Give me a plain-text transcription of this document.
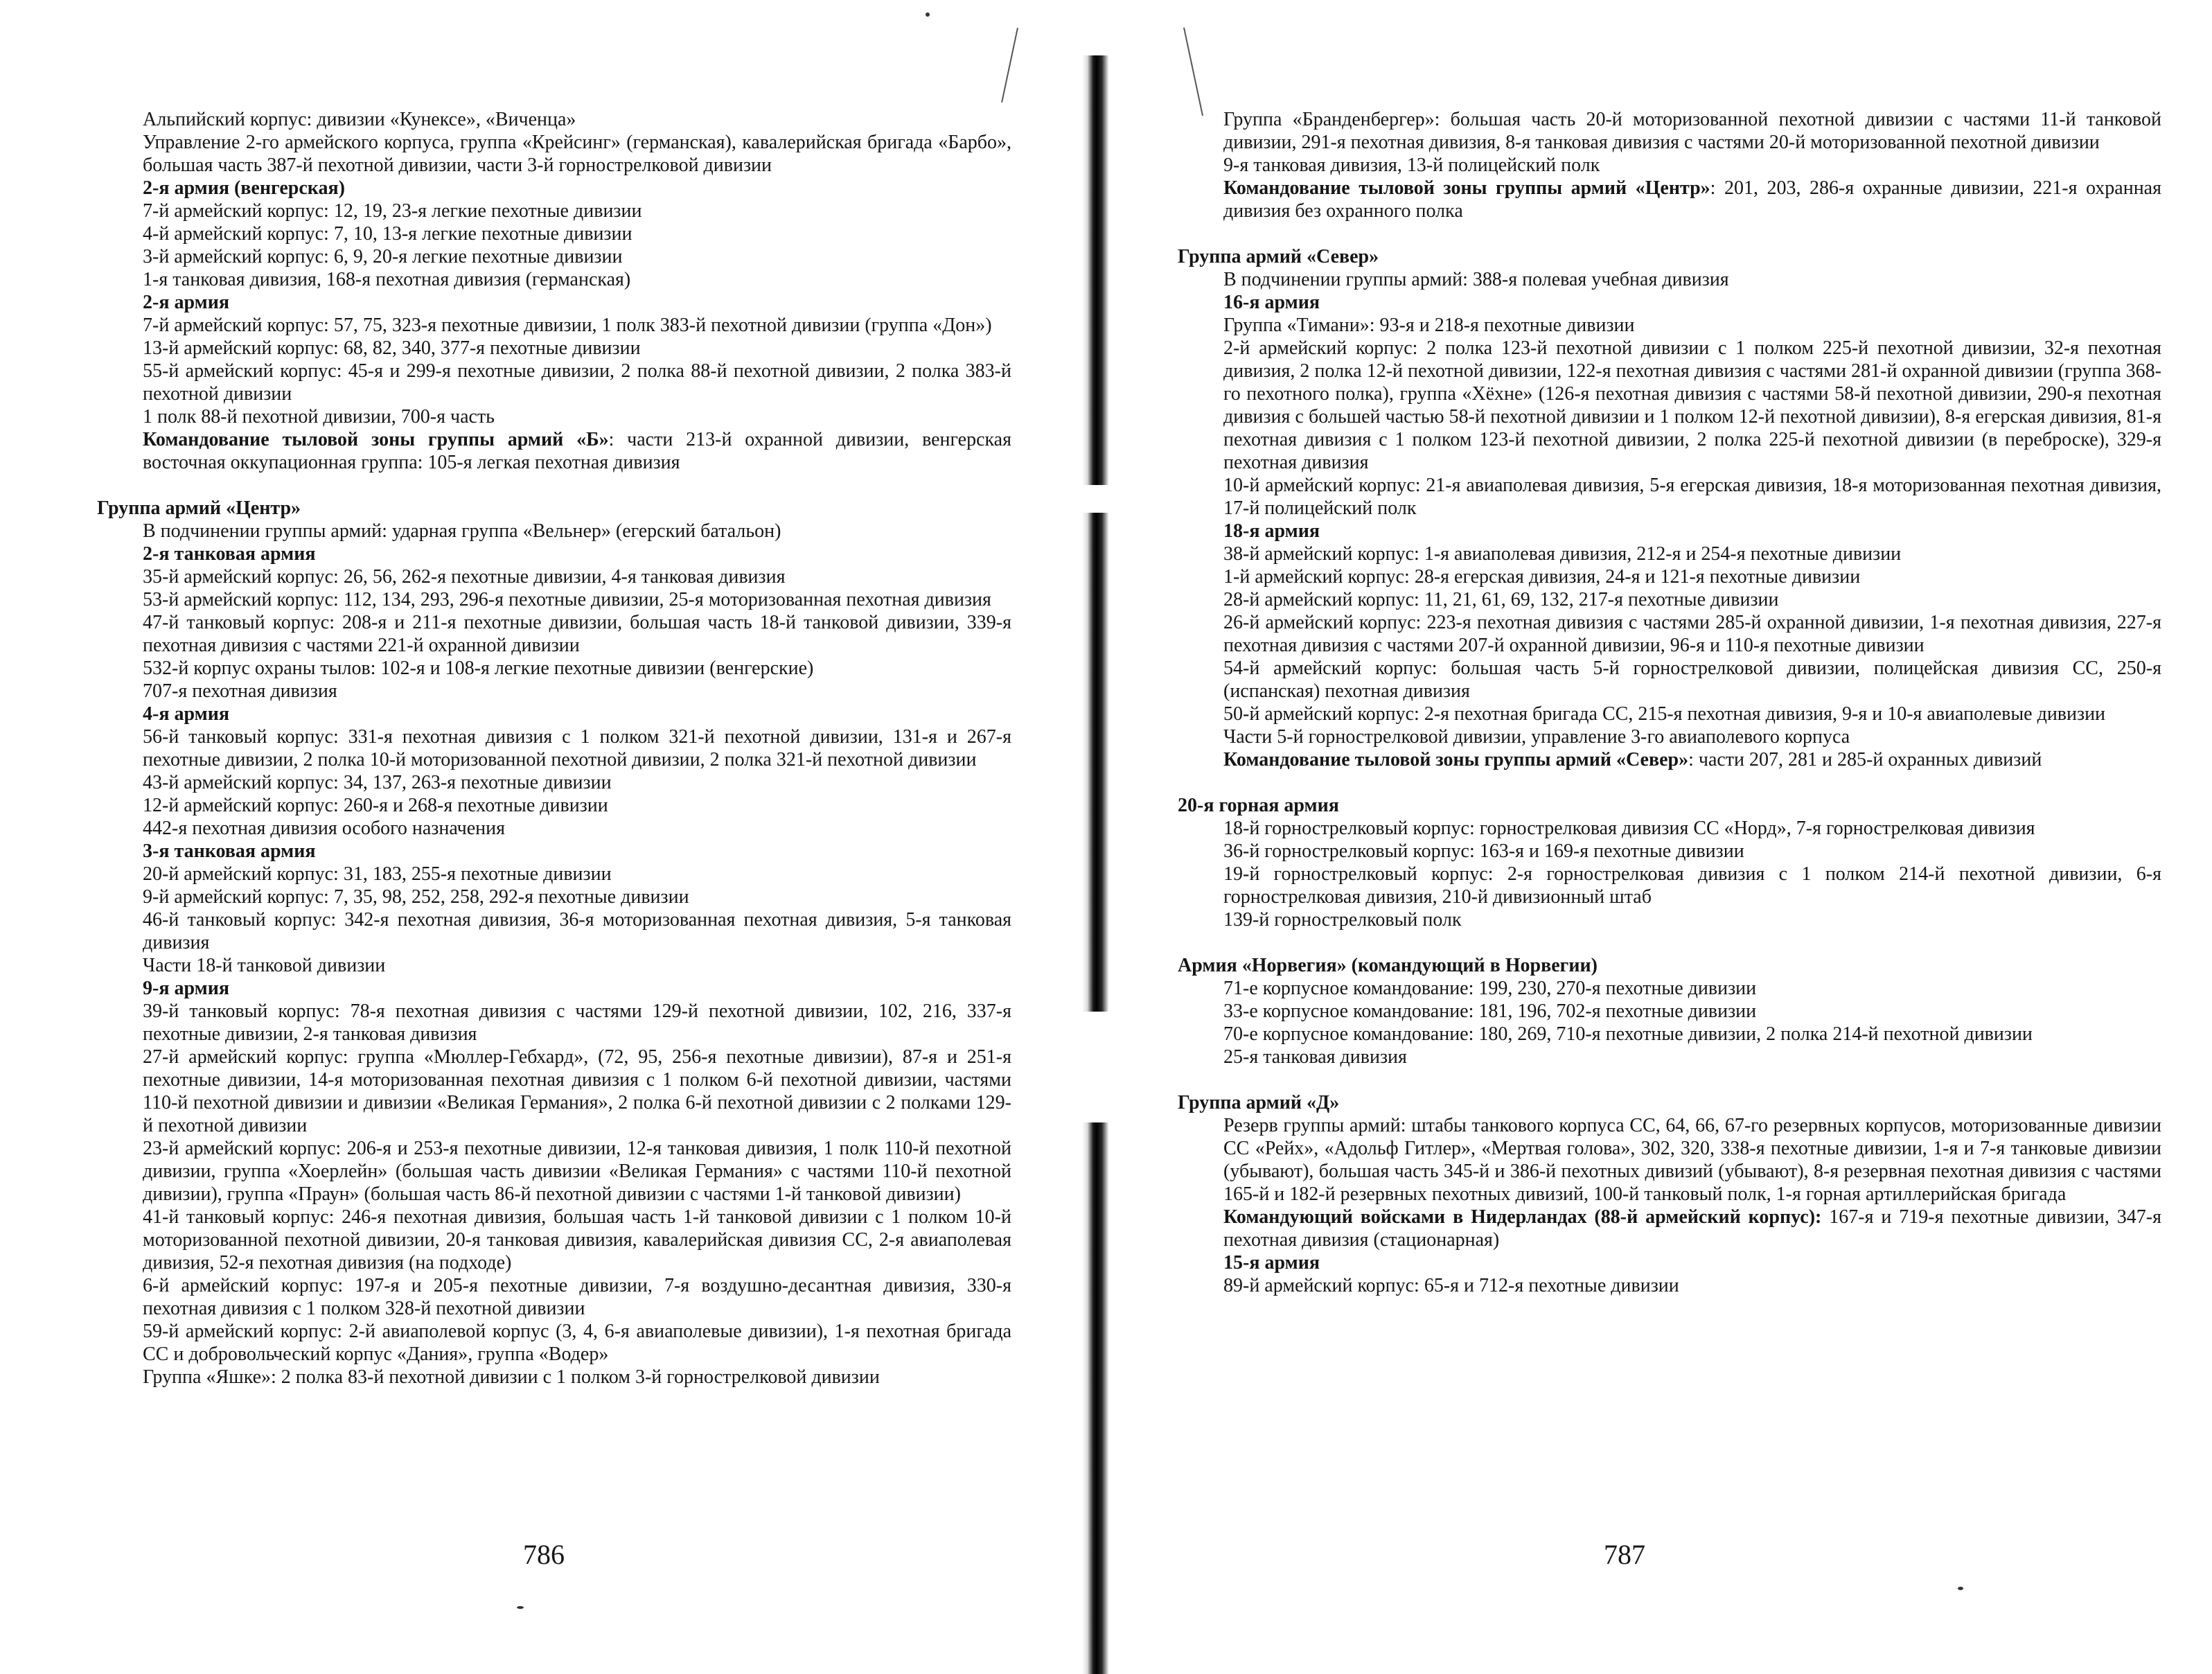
Альпийский корпус: дивизии «Кунексе», «Виченца»

Управление 2-го армейского корпуса, группа «Крейсинг» (германская), кавалерийская бригада «Барбо», большая часть 387-й пехотной дивизии, части 3-й горнострелковой дивизии

2-я армия (венгерская)

7-й армейский корпус: 12, 19, 23-я легкие пехотные дивизии

4-й армейский корпус: 7, 10, 13-я легкие пехотные дивизии

3-й армейский корпус: 6, 9, 20-я легкие пехотные дивизии

1-я танковая дивизия, 168-я пехотная дивизия (германская)

2-я армия

7-й армейский корпус: 57, 75, 323-я пехотные дивизии, 1 полк 383-й пехотной дивизии (группа «Дон»)

13-й армейский корпус: 68, 82, 340, 377-я пехотные дивизии

55-й армейский корпус: 45-я и 299-я пехотные дивизии, 2 полка 88-й пехотной дивизии, 2 полка 383-й пехотной дивизии

1 полк 88-й пехотной дивизии, 700-я часть

Командование тыловой зоны группы армий «Б»: части 213-й охранной дивизии, венгерская восточная оккупационная группа: 105-я легкая пехотная дивизия

Группа армий «Центр»

В подчинении группы армий: ударная группа «Вельнер» (егерский батальон)

2-я танковая армия

35-й армейский корпус: 26, 56, 262-я пехотные дивизии, 4-я танковая дивизия

53-й армейский корпус: 112, 134, 293, 296-я пехотные дивизии, 25-я моторизованная пехотная дивизия

47-й танковый корпус: 208-я и 211-я пехотные дивизии, большая часть 18-й танковой дивизии, 339-я пехотная дивизия с частями 221-й охранной дивизии

532-й корпус охраны тылов: 102-я и 108-я легкие пехотные дивизии (венгерские)

707-я пехотная дивизия

4-я армия

56-й танковый корпус: 331-я пехотная дивизия с 1 полком 321-й пехотной дивизии, 131-я и 267-я пехотные дивизии, 2 полка 10-й моторизованной пехотной дивизии, 2 полка 321-й пехотной дивизии

43-й армейский корпус: 34, 137, 263-я пехотные дивизии

12-й армейский корпус: 260-я и 268-я пехотные дивизии

442-я пехотная дивизия особого назначения

3-я танковая армия

20-й армейский корпус: 31, 183, 255-я пехотные дивизии

9-й армейский корпус: 7, 35, 98, 252, 258, 292-я пехотные дивизии

46-й танковый корпус: 342-я пехотная дивизия, 36-я моторизованная пехотная дивизия, 5-я танковая дивизия

Части 18-й танковой дивизии

9-я армия

39-й танковый корпус: 78-я пехотная дивизия с частями 129-й пехотной дивизии, 102, 216, 337-я пехотные дивизии, 2-я танковая дивизия

27-й армейский корпус: группа «Мюллер-Гебхард», (72, 95, 256-я пехотные дивизии), 87-я и 251-я пехотные дивизии, 14-я моторизованная пехотная дивизия с 1 полком 6-й пехотной дивизии, частями 110-й пехотной дивизии и дивизии «Великая Германия», 2 полка 6-й пехотной дивизии с 2 полками 129-й пехотной дивизии

23-й армейский корпус: 206-я и 253-я пехотные дивизии, 12-я танковая дивизия, 1 полк 110-й пехотной дивизии, группа «Хоерлейн» (большая часть дивизии «Великая Германия» с частями 110-й пехотной дивизии), группа «Праун» (большая часть 86-й пехотной дивизии с частями 1-й танковой дивизии)

41-й танковый корпус: 246-я пехотная дивизия, большая часть 1-й танковой дивизии с 1 полком 10-й моторизованной пехотной дивизии, 20-я танковая дивизия, кавалерийская дивизия СС, 2-я авиаполевая дивизия, 52-я пехотная дивизия (на подходе)

6-й армейский корпус: 197-я и 205-я пехотные дивизии, 7-я воздушно-десантная дивизия, 330-я пехотная дивизия с 1 полком 328-й пехотной дивизии

59-й армейский корпус: 2-й авиаполевой корпус (3, 4, 6-я авиаполевые дивизии), 1-я пехотная бригада СС и добровольческий корпус «Дания», группа «Водер»

Группа «Яшке»: 2 полка 83-й пехотной дивизии с 1 полком 3-й горнострелковой дивизии

786

Группа «Бранденбергер»: большая часть 20-й моторизованной пехотной дивизии с частями 11-й танковой дивизии, 291-я пехотная дивизия, 8-я танковая дивизия с частями 20-й моторизованной пехотной дивизии

9-я танковая дивизия, 13-й полицейский полк

Командование тыловой зоны группы армий «Центр»: 201, 203, 286-я охранные дивизии, 221-я охранная дивизия без охранного полка

Группа армий «Север»

В подчинении группы армий: 388-я полевая учебная дивизия

16-я армия

Группа «Тимани»: 93-я и 218-я пехотные дивизии

2-й армейский корпус: 2 полка 123-й пехотной дивизии с 1 полком 225-й пехотной дивизии, 32-я пехотная дивизия, 2 полка 12-й пехотной дивизии, 122-я пехотная дивизия с частями 281-й охранной дивизии (группа 368-го пехотного полка), группа «Хёхне» (126-я пехотная дивизия с частями 58-й пехотной дивизии, 290-я пехотная дивизия с большей частью 58-й пехотной дивизии и 1 полком 12-й пехотной дивизии), 8-я егерская дивизия, 81-я пехотная дивизия с 1 полком 123-й пехотной дивизии, 2 полка 225-й пехотной дивизии (в переброске), 329-я пехотная дивизия

10-й армейский корпус: 21-я авиаполевая дивизия, 5-я егерская дивизия, 18-я моторизованная пехотная дивизия, 17-й полицейский полк

18-я армия

38-й армейский корпус: 1-я авиаполевая дивизия, 212-я и 254-я пехотные дивизии

1-й армейский корпус: 28-я егерская дивизия, 24-я и 121-я пехотные дивизии

28-й армейский корпус: 11, 21, 61, 69, 132, 217-я пехотные дивизии

26-й армейский корпус: 223-я пехотная дивизия с частями 285-й охранной дивизии, 1-я пехотная дивизия, 227-я пехотная дивизия с частями 207-й охранной дивизии, 96-я и 110-я пехотные дивизии

54-й армейский корпус: большая часть 5-й горнострелковой дивизии, полицейская дивизия СС, 250-я (испанская) пехотная дивизия

50-й армейский корпус: 2-я пехотная бригада СС, 215-я пехотная дивизия, 9-я и 10-я авиаполевые дивизии

Части 5-й горнострелковой дивизии, управление 3-го авиаполевого корпуса

Командование тыловой зоны группы армий «Север»: части 207, 281 и 285-й охранных дивизий

20-я горная армия

18-й горнострелковый корпус: горнострелковая дивизия СС «Норд», 7-я горнострелковая дивизия

36-й горнострелковый корпус: 163-я и 169-я пехотные дивизии

19-й горнострелковый корпус: 2-я горнострелковая дивизия с 1 полком 214-й пехотной дивизии, 6-я горнострелковая дивизия, 210-й дивизионный штаб

139-й горнострелковый полк

Армия «Норвегия» (командующий в Норвегии)

71-е корпусное командование: 199, 230, 270-я пехотные дивизии

33-е корпусное командование: 181, 196, 702-я пехотные дивизии

70-е корпусное командование: 180, 269, 710-я пехотные дивизии, 2 полка 214-й пехотной дивизии

25-я танковая дивизия

Группа армий «Д»

Резерв группы армий: штабы танкового корпуса СС, 64, 66, 67-го резервных корпусов, моторизованные дивизии СС «Рейх», «Адольф Гитлер», «Мертвая голова», 302, 320, 338-я пехотные дивизии, 1-я и 7-я танковые дивизии (убывают), большая часть 345-й и 386-й пехотных дивизий (убывают), 8-я резервная пехотная дивизия с частями 165-й и 182-й резервных пехотных дивизий, 100-й танковый полк, 1-я горная артиллерийская бригада

Командующий войсками в Нидерландах (88-й армейский корпус): 167-я и 719-я пехотные дивизии, 347-я пехотная дивизия (стационарная)

15-я армия

89-й армейский корпус: 65-я и 712-я пехотные дивизии

787
